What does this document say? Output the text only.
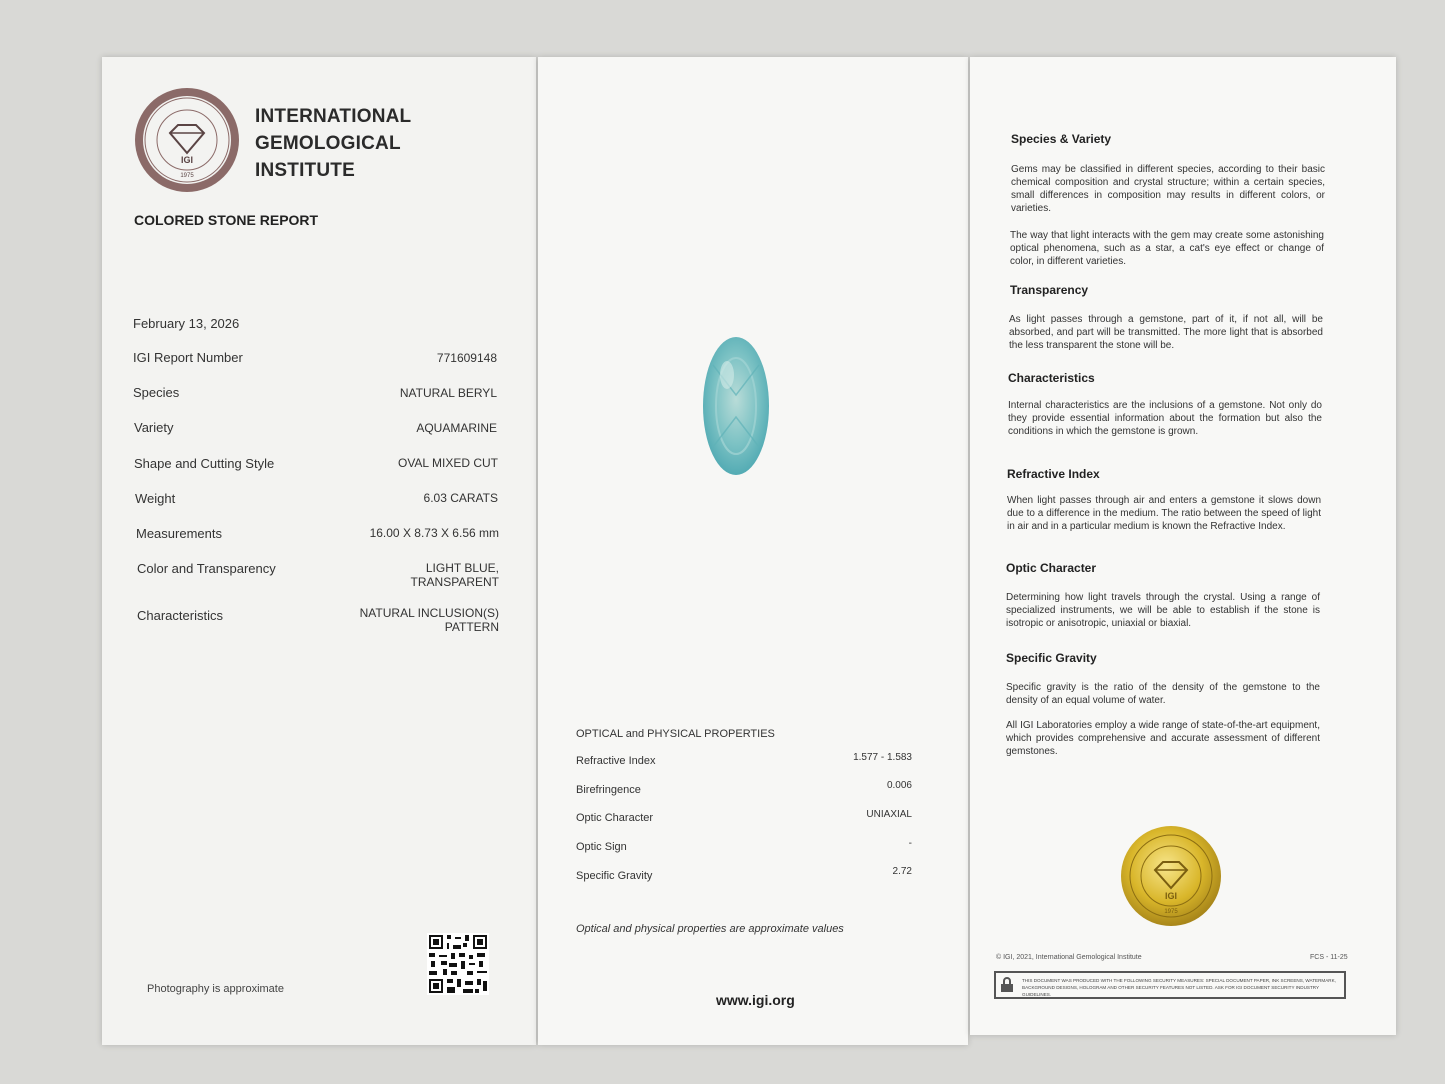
IGI
1975
INTERNATIONAL
GEMOLOGICAL
INSTITUTE
COLORED STONE REPORT
February 13, 2026
IGI Report Number	771609148
Species	NATURAL BERYL
Variety	AQUAMARINE
Shape and Cutting Style	OVAL MIXED CUT
Weight	6.03 CARATS
Measurements	16.00 X 8.73 X 6.56 mm
Color and Transparency	LIGHT BLUE,
TRANSPARENT
Characteristics	NATURAL INCLUSION(S)
PATTERN
Photography is approximate
OPTICAL and PHYSICAL PROPERTIES
Refractive Index	1.577 - 1.583
Birefringence	0.006
Optic Character	UNIAXIAL
Optic Sign	-
Specific Gravity	2.72
Optical and physical properties are approximate values
www.igi.org
Species & Variety
Gems may be classified in different species, according to their basic chemical composition and crystal structure; within a certain species, small differences in composition may results in different colors, or varieties.
The way that light interacts with the gem may create some astonishing optical phenomena, such as a star, a cat's eye effect or change of color, in different varieties.
Transparency
As light passes through a gemstone, part of it, if not all, will be absorbed, and part will be transmitted. The more light that is absorbed the less transparent the stone will be.
Characteristics
Internal characteristics are the inclusions of a gemstone. Not only do they provide essential information about the formation but also the conditions in which the gemstone is grown.
Refractive Index
When light passes through air and enters a gemstone it slows down due to a difference in the medium. The ratio between the speed of light in air and in a particular medium is known the Refractive Index.
Optic Character
Determining how light travels through the crystal. Using a range of specialized instruments, we will be able to establish if the stone is isotropic or anisotropic, uniaxial or biaxial.
Specific Gravity
Specific gravity is the ratio of the density of the gemstone to the density of an equal volume of water.
All IGI Laboratories employ a wide range of state-of-the-art equipment, which provides comprehensive and accurate assessment of different gemstones.
IGI
1975
© IGI, 2021, International Gemological Institute	FCS - 11-25
THIS DOCUMENT WAS PRODUCED WITH THE FOLLOWING SECURITY MEASURES: SPECIAL DOCUMENT PAPER, INK SCREENS, WATERMARK, BACKGROUND DESIGNS, HOLOGRAM AND OTHER SECURITY FEATURES NOT LISTED. ASK FOR IGI DOCUMENT SECURITY INDUSTRY GUIDELINES.
